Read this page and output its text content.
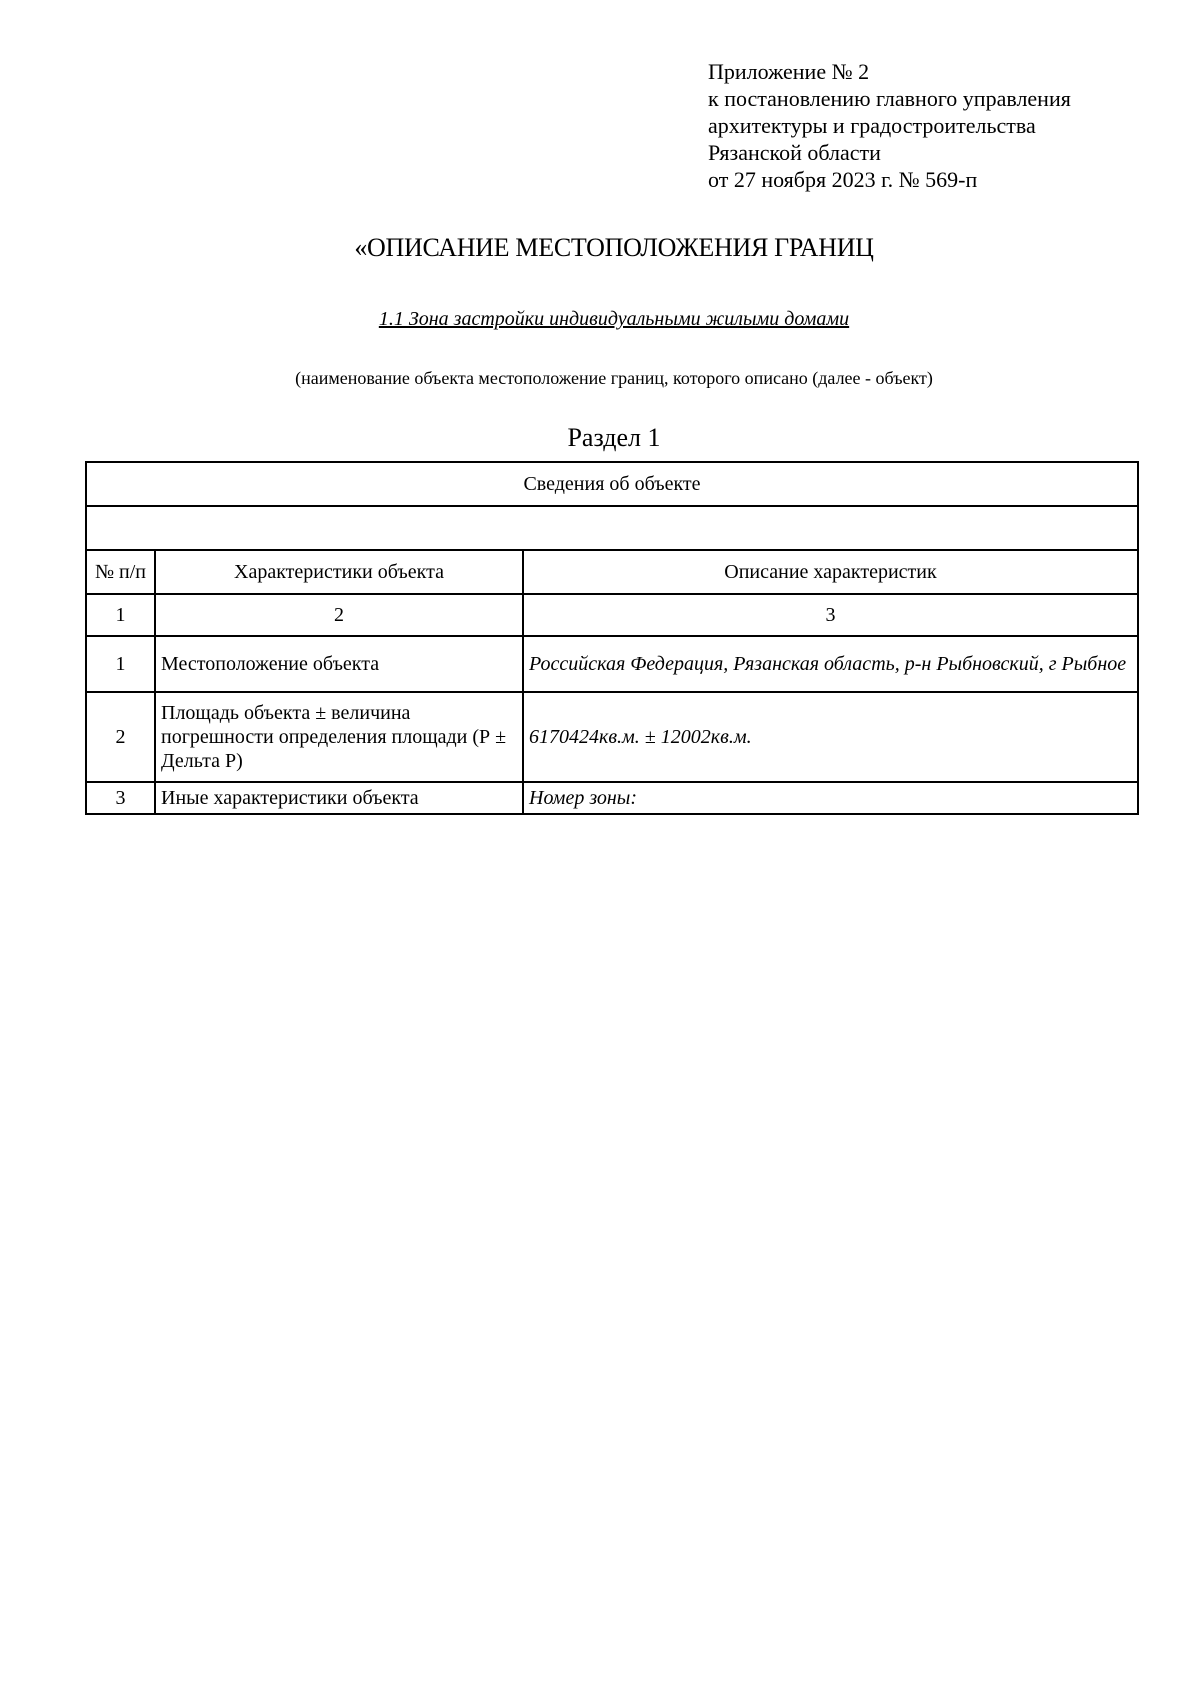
Приложение № 2
к постановлению главного управления
архитектуры и градостроительства
Рязанской области
от 27 ноября 2023 г. № 569-п
«ОПИСАНИЕ МЕСТОПОЛОЖЕНИЯ ГРАНИЦ
1.1 Зона застройки индивидуальными жилыми домами
(наименование объекта местоположение границ, которого описано (далее - объект)
Раздел 1
Сведения об объекте		

№ п/п	Характеристики объекта	Описание характеристик
1	2	3
1	Местоположение объекта	Российская Федерация, Рязанская область, р-н Рыбновский, г Рыбное
2	Площадь объекта ± величина погрешности определения площади (Р ± Дельта Р)	6170424кв.м. ± 12002кв.м.
3	Иные характеристики объекта	Номер зоны:
